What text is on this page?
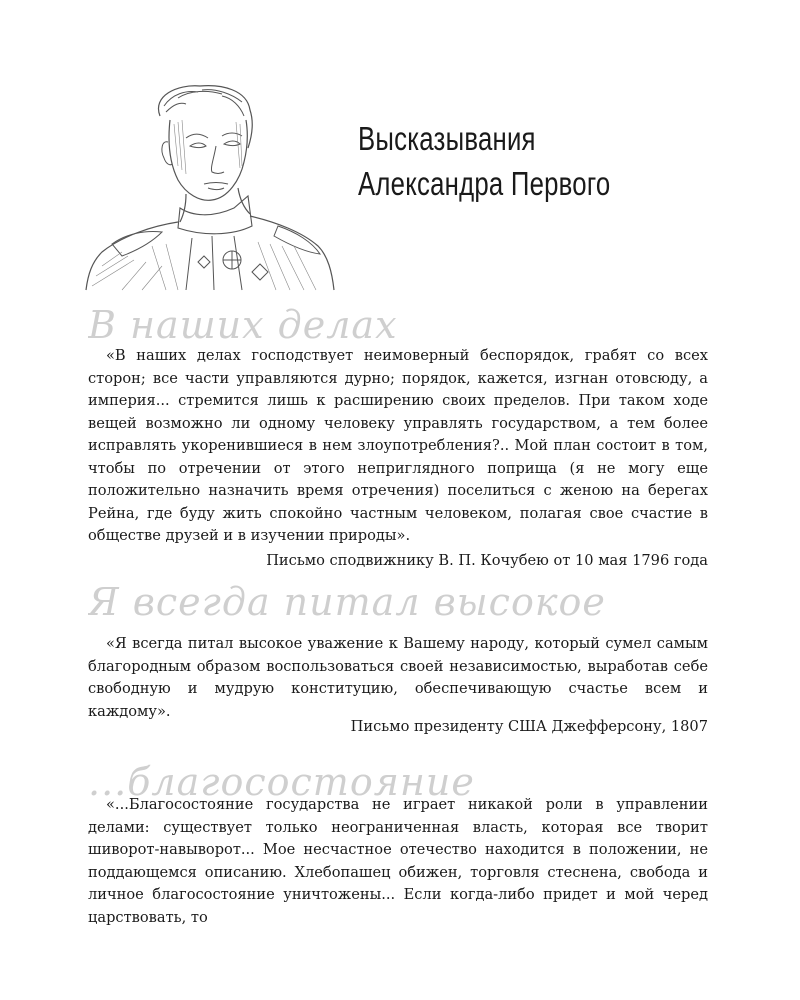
Высказывания
Александра Первого
В наших делах

«В наших делах господствует неимоверный беспорядок, грабят со всех сторон; все части управляются дурно; порядок, кажется, изгнан отовсюду, а империя... стремится лишь к расширению своих пределов. При таком ходе вещей возможно ли одному человеку управлять государством, а тем более исправлять укоренившиеся в нем злоупотребления?.. Мой план состоит в том, чтобы по отречении от этого неприглядного поприща (я не могу еще положительно назначить время отречения) поселиться с женою на берегах Рейна, где буду жить спокойно частным человеком, полагая свое счастие в обществе друзей и в изучении природы».

Письмо сподвижнику В. П. Кочубею от 10 мая 1796 года
Я всегда питал высокое

«Я всегда питал высокое уважение к Вашему народу, который сумел самым благородным образом воспользоваться своей независимостью, выработав себе свободную и мудрую конституцию, обеспечивающую счастье всем и каждому».

Письмо президенту США Джефферсону, 1807
...благосостояние

«...Благосостояние государства не играет никакой роли в управлении делами: существует только неограниченная власть, которая все творит шиворот-навыворот... Мое несчастное отечество находится в положении, не поддающемся описанию. Хлебопашец обижен, торговля стеснена, свобода и личное благосостояние уничтожены... Если когда-либо придет и мой черед царствовать, то
